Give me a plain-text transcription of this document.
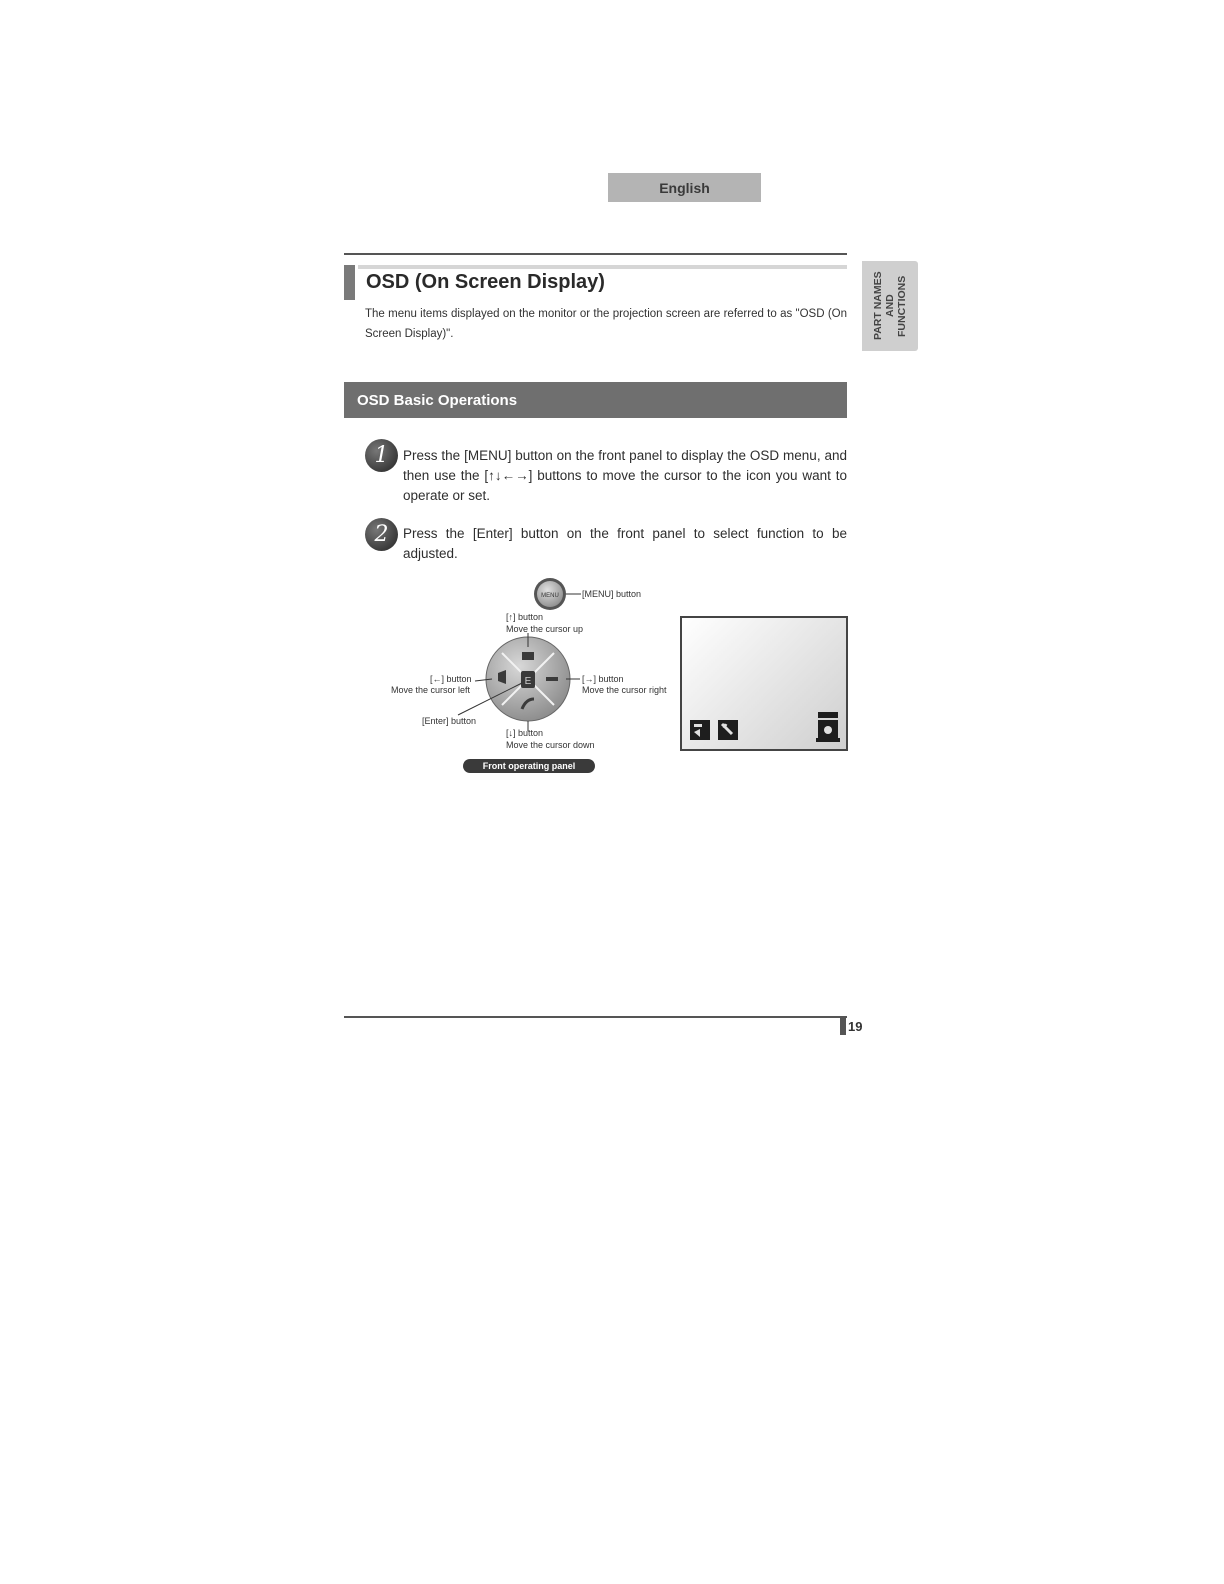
English
OSD (On Screen Display)
The menu items displayed on the monitor or the projection screen are referred to as "OSD (On Screen Display)".	PART NAMES AND FUNCTIONS
OSD Basic Operations
1	Press the [MENU] button on the front panel to display the OSD menu, and then use the [↑↓←→] buttons to move the cursor to the icon you want to operate or set.
2	Press the [Enter] button on the front panel to select function to be adjusted.
MENU
E
[MENU] button
[↑] button
Move the cursor up
[←] button
Move the cursor left
[→] button
Move the cursor right
[Enter] button
[↓] button
Move the cursor down
Front operating panel
19
